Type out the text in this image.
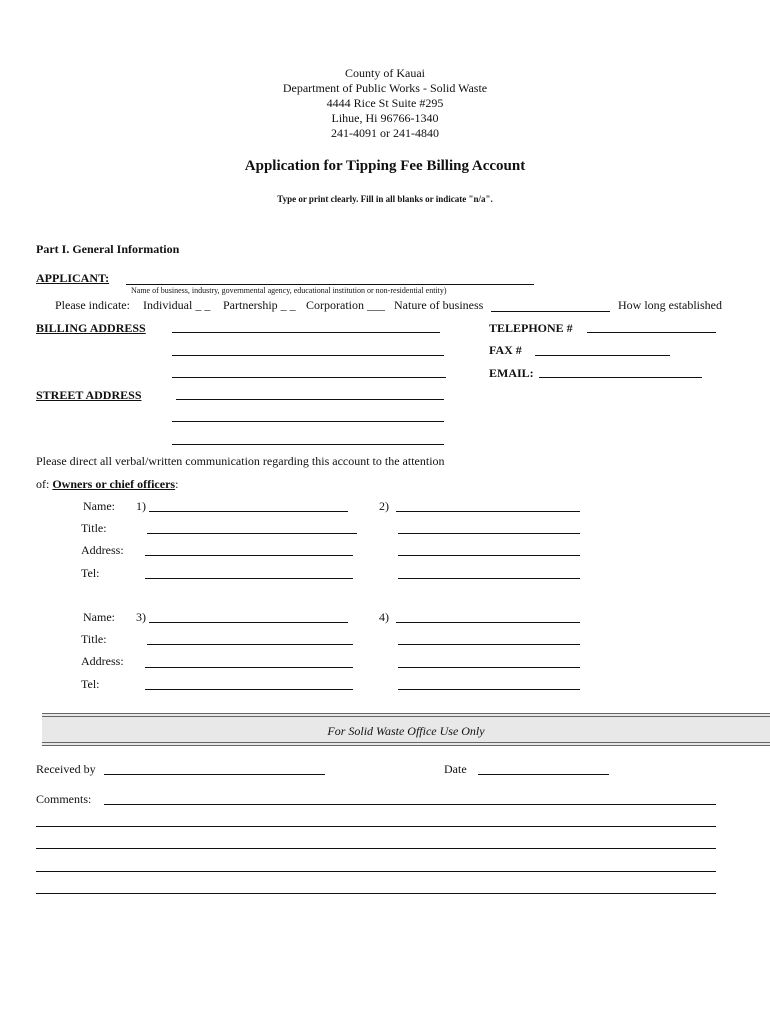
County of Kauai
Department of Public Works - Solid Waste
4444 Rice St Suite #295
Lihue, Hi 96766-1340
241-4091 or 241-4840
Application for Tipping Fee Billing Account
Type or print clearly. Fill in all blanks or indicate "n/a".
Part I. General Information
APPLICANT:
Name of business, industry, governmental agency, educational institution or non-residential entity)
Please indicate: Individual _ _ Partnership _ _ Corporation ___ Nature of business	How long established
BILLING ADDRESS	TELEPHONE #
FAX #
EMAIL:
STREET ADDRESS
Please direct all verbal/written communication regarding this account to the attention
of: Owners or chief officers:
Name: 1)	2)
Title:
Address:
Tel:
Name: 3)	4)
Title:
Address:
Tel:
For Solid Waste Office Use Only
Received by	Date
Comments:
